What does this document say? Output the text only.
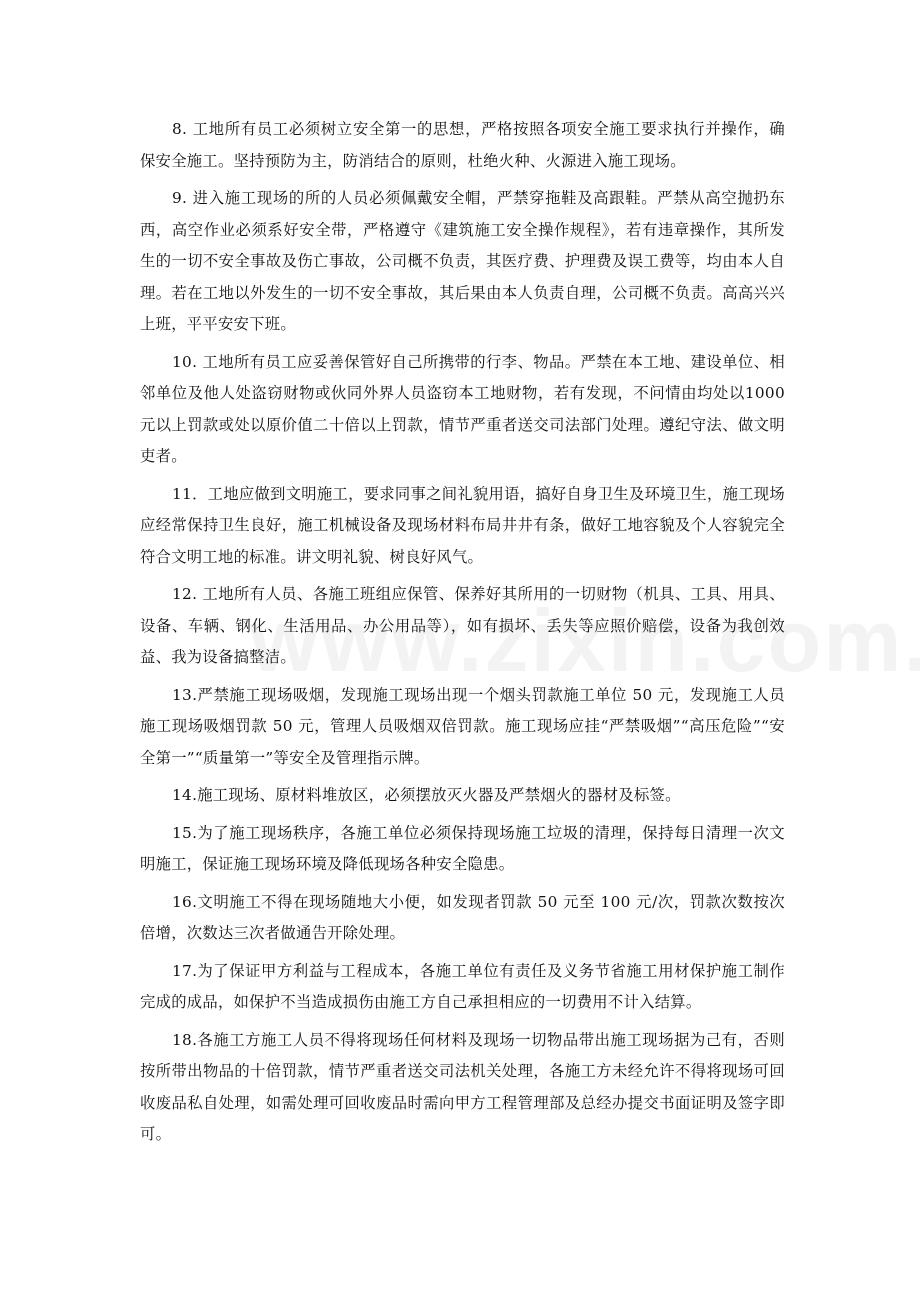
8. 工地所有员工必须树立安全第一的思想，严格按照各项安全施工要求执行并操作，确保安全施工。坚持预防为主，防消结合的原则，杜绝火种、火源进入施工现场。

9. 进入施工现场的所的人员必须佩戴安全帽，严禁穿拖鞋及高跟鞋。严禁从高空抛扔东西，高空作业必须系好安全带，严格遵守《建筑施工安全操作规程》，若有违章操作，其所发生的一切不安全事故及伤亡事故，公司概不负责，其医疗费、护理费及误工费等，均由本人自理。若在工地以外发生的一切不安全事故，其后果由本人负责自理，公司概不负责。高高兴兴上班，平平安安下班。

10. 工地所有员工应妥善保管好自己所携带的行李、物品。严禁在本工地、建设单位、相邻单位及他人处盗窃财物或伙同外界人员盗窃本工地财物，若有发现，不问情由均处以1000 元以上罚款或处以原价值二十倍以上罚款，情节严重者送交司法部门处理。遵纪守法、做文明吏者。

11．工地应做到文明施工，要求同事之间礼貌用语，搞好自身卫生及环境卫生，施工现场应经常保持卫生良好，施工机械设备及现场材料布局井井有条，做好工地容貌及个人容貌完全符合文明工地的标准。讲文明礼貌、树良好风气。

12. 工地所有人员、各施工班组应保管、保养好其所用的一切财物（机具、工具、用具、设备、车辆、钢化、生活用品、办公用品等），如有损坏、丢失等应照价赔偿，设备为我创效益、我为设备搞整洁。

13.严禁施工现场吸烟，发现施工现场出现一个烟头罚款施工单位 50 元，发现施工人员施工现场吸烟罚款 50 元，管理人员吸烟双倍罚款。施工现场应挂“严禁吸烟”“高压危险”“安全第一”“质量第一”等安全及管理指示牌。

14.施工现场、原材料堆放区，必须摆放灭火器及严禁烟火的器材及标签。

15.为了施工现场秩序，各施工单位必须保持现场施工垃圾的清理，保持每日清理一次文明施工，保证施工现场环境及降低现场各种安全隐患。

16.文明施工不得在现场随地大小便，如发现者罚款 50 元至 100 元/次，罚款次数按次倍增，次数达三次者做通告开除处理。

17.为了保证甲方利益与工程成本，各施工单位有责任及义务节省施工用材保护施工制作完成的成品，如保护不当造成损伤由施工方自己承担相应的一切费用不计入结算。

18.各施工方施工人员不得将现场任何材料及现场一切物品带出施工现场据为己有，否则按所带出物品的十倍罚款，情节严重者送交司法机关处理，各施工方未经允许不得将现场可回收废品私自处理，如需处理可回收废品时需向甲方工程管理部及总经办提交书面证明及签字即可。
